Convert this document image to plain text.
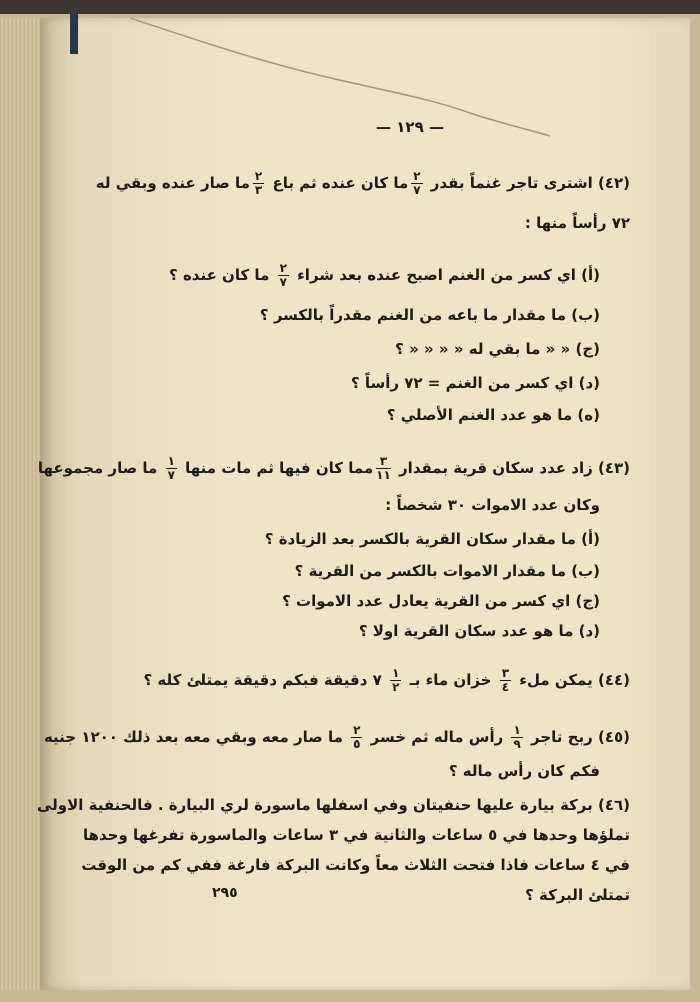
— ١٢٩ —
(٤٢) اشترى تاجر غنماً بقدر
$\frac{٢}{٧}$
ما كان عنده ثم باع
$\frac{٢}{٣}$
ما صار عنده وبقي له
٧٢ رأساً منها :
(أ) اي كسر من الغنم اصبح عنده بعد شراء
$\frac{٢}{٧}$
ما كان عنده ؟
(ب) ما مقدار ما باعه من الغنم مقدراً بالكسر ؟
(ج) « « ما بقي له « « « « ؟
(د) اي كسر من الغنم = ٧٢ رأساً ؟
(ه) ما هو عدد الغنم الأصلي ؟
(٤٣) زاد عدد سكان قرية بمقدار
$\frac{٣}{١١}$
مما كان فيها ثم مات منها
$\frac{١}{٧}$
ما صار مجموعها
وكان عدد الاموات ٣٠ شخصاً :
(أ) ما مقدار سكان القرية بالكسر بعد الزيادة ؟
(ب) ما مقدار الاموات بالكسر من القرية ؟
(ج) اي كسر من القرية يعادل عدد الاموات ؟
(د) ما هو عدد سكان القرية اولا ؟
(٤٤) يمكن ملء
$\frac{٣}{٤}$
خزان ماء بـ
$\frac{١}{٢}$
٧ دقيقة فبكم دقيقة يمتلئ كله ؟
(٤٥) ربح تاجر
$\frac{١}{٩}$
رأس ماله ثم خسر
$\frac{٢}{٥}$
ما صار معه وبقي معه بعد ذلك ١٢٠٠ جنيه
فكم كان رأس ماله ؟
(٤٦) بركة بيارة عليها حنفيتان وفي اسفلها ماسورة لري البيارة . فالحنفية الاولى
تملؤها وحدها في ٥ ساعات والثانية في ٣ ساعات والماسورة تفرغها وحدها
في ٤ ساعات فاذا فتحت الثلاث معاً وكانت البركة فارغة ففي كم من الوقت
تمتلئ البركة ؟
٢٩٥
